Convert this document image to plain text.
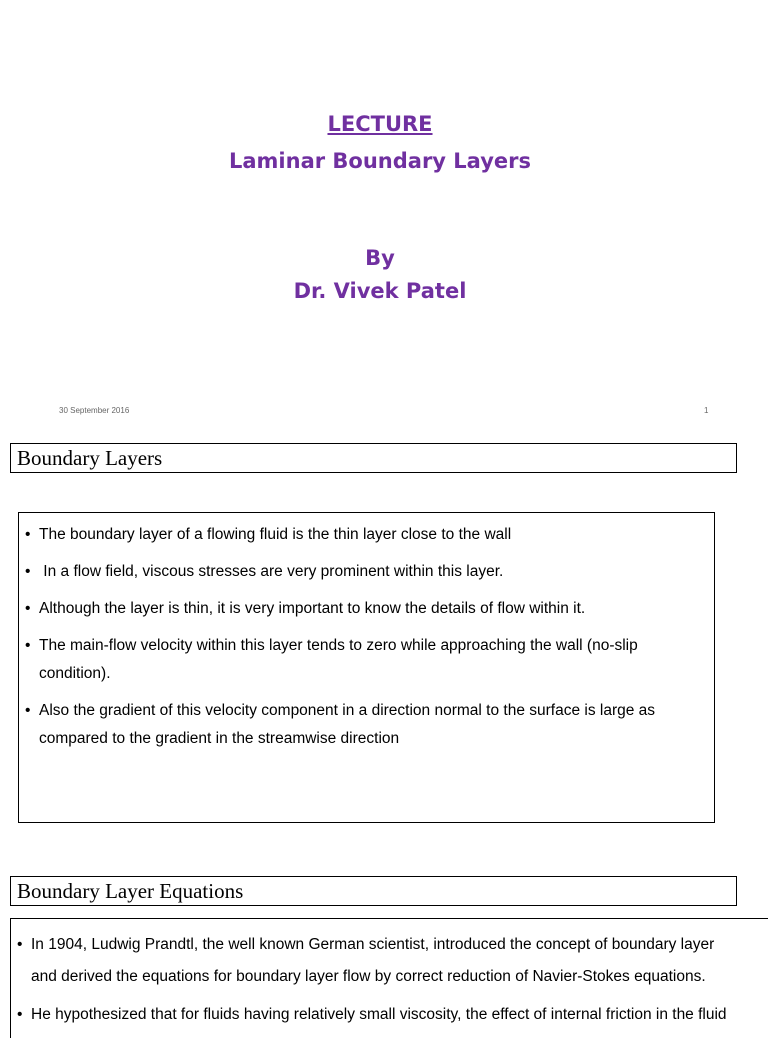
LECTURE
Laminar Boundary Layers
By
Dr. Vivek Patel
30 September 2016	1
Boundary Layers
• The boundary layer of a flowing fluid is the thin layer close to the wall
• In a flow field, viscous stresses are very prominent within this layer.
• Although the layer is thin, it is very important to know the details of flow within it.
• The main-flow velocity within this layer tends to zero while approaching the wall (no-slip condition).
• Also the gradient of this velocity component in a direction normal to the surface is large as compared to the gradient in the streamwise direction
Boundary Layer Equations
• In 1904, Ludwig Prandtl, the well known German scientist, introduced the concept of boundary layer
and derived the equations for boundary layer flow by correct reduction of Navier-Stokes equations.
• He hypothesized that for fluids having relatively small viscosity, the effect of internal friction in the fluid
